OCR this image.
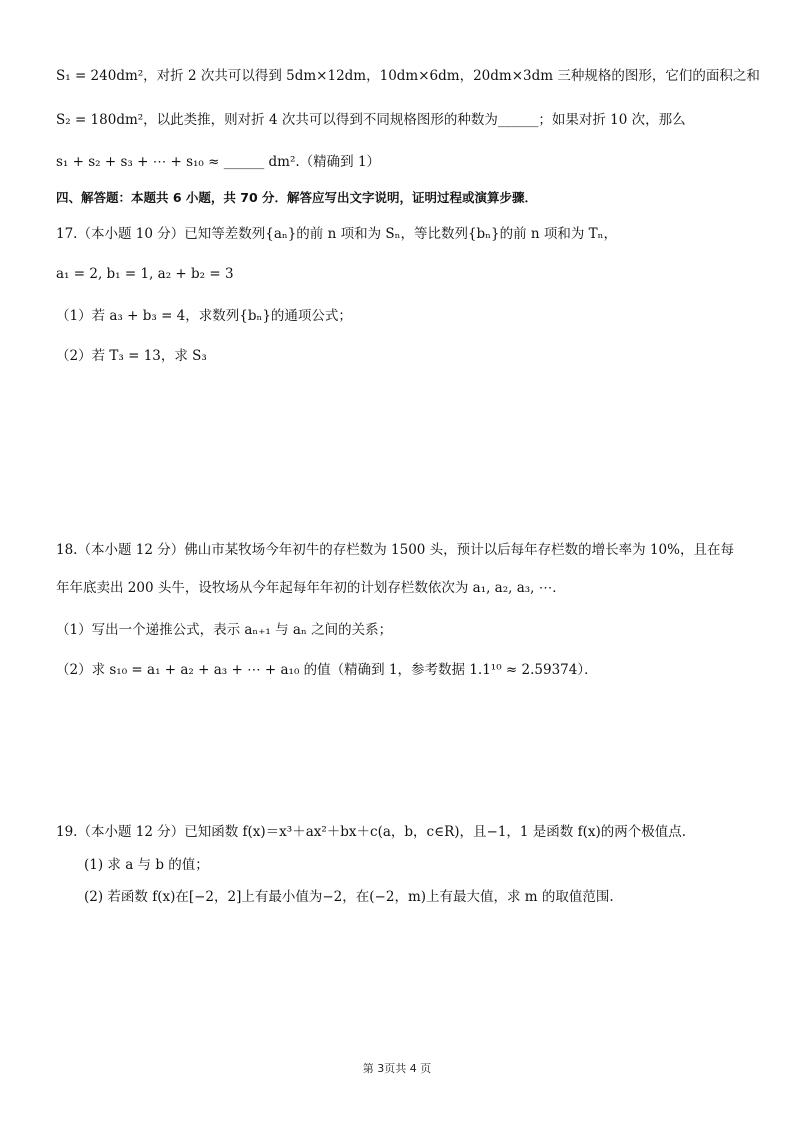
S₁ = 240dm²，对折 2 次共可以得到 5dm×12dm，10dm×6dm，20dm×3dm 三种规格的图形，它们的面积之和
S₂ = 180dm²，以此类推，则对折 4 次共可以得到不同规格图形的种数为______；如果对折 10 次，那么
s₁ + s₂ + s₃ + ⋯ + s₁₀ ≈ ______ dm².（精确到 1）
四、解答题：本题共 6 小题，共 70 分．解答应写出文字说明，证明过程或演算步骤．
17.（本小题 10 分）已知等差数列{aₙ}的前 n 项和为 Sₙ，等比数列{bₙ}的前 n 项和为 Tₙ，
a₁ = 2, b₁ = 1, a₂ + b₂ = 3
（1）若 a₃ + b₃ = 4，求数列{bₙ}的通项公式；
（2）若 T₃ = 13，求 S₃
18.（本小题 12 分）佛山市某牧场今年初牛的存栏数为 1500 头，预计以后每年存栏数的增长率为 10%，且在每
年年底卖出 200 头牛，设牧场从今年起每年年初的计划存栏数依次为 a₁, a₂, a₃, ⋯．
（1）写出一个递推公式，表示 aₙ₊₁ 与 aₙ 之间的关系；
（2）求 s₁₀ = a₁ + a₂ + a₃ + ⋯ + a₁₀ 的值（精确到 1，参考数据 1.1¹⁰ ≈ 2.59374）．
19.（本小题 12 分）已知函数 f(x)＝x³＋ax²＋bx＋c(a，b，c∈R)，且−1，1 是函数 f(x)的两个极值点.
(1) 求 a 与 b 的值；
(2) 若函数 f(x)在[−2，2]上有最小值为−2，在(−2，m)上有最大值，求 m 的取值范围.
第 3页共 4 页
